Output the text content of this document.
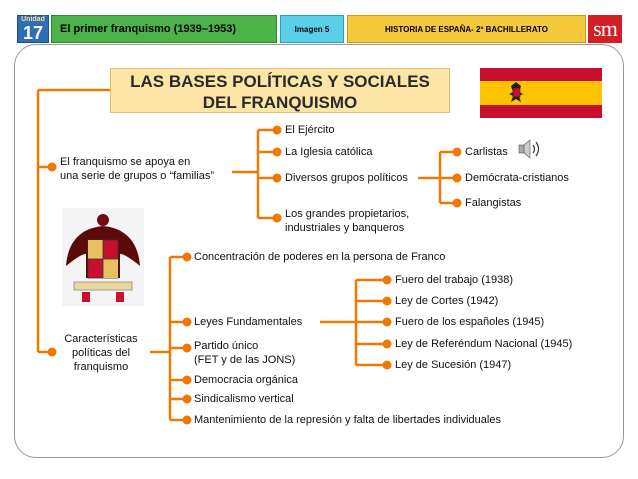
Unidad
17	El primer franquismo (1939–1953)	Imagen 5	HISTORIA DE ESPAÑA- 2º BACHILLERATO	sm
LAS BASES POLÍTICAS Y SOCIALES
DEL FRANQUISMO
El franquismo se apoya en
una serie de grupos o “familias”
El Ejército
La Iglesia católica
Diversos grupos políticos
Los grandes propietarios,
industriales y banqueros
Carlistas
Demócrata-cristianos
Falangistas
Características
políticas del
franquismo
Concentración de poderes en la persona de Franco
Leyes Fundamentales
Partido único
(FET y de las JONS)
Democracia orgánica
Sindicalismo vertical
Mantenimiento de la represión y falta de libertades individuales
Fuero del trabajo (1938)
Ley de Cortes (1942)
Fuero de los españoles (1945)
Ley de Referéndum Nacional (1945)
Ley de Sucesión (1947)
